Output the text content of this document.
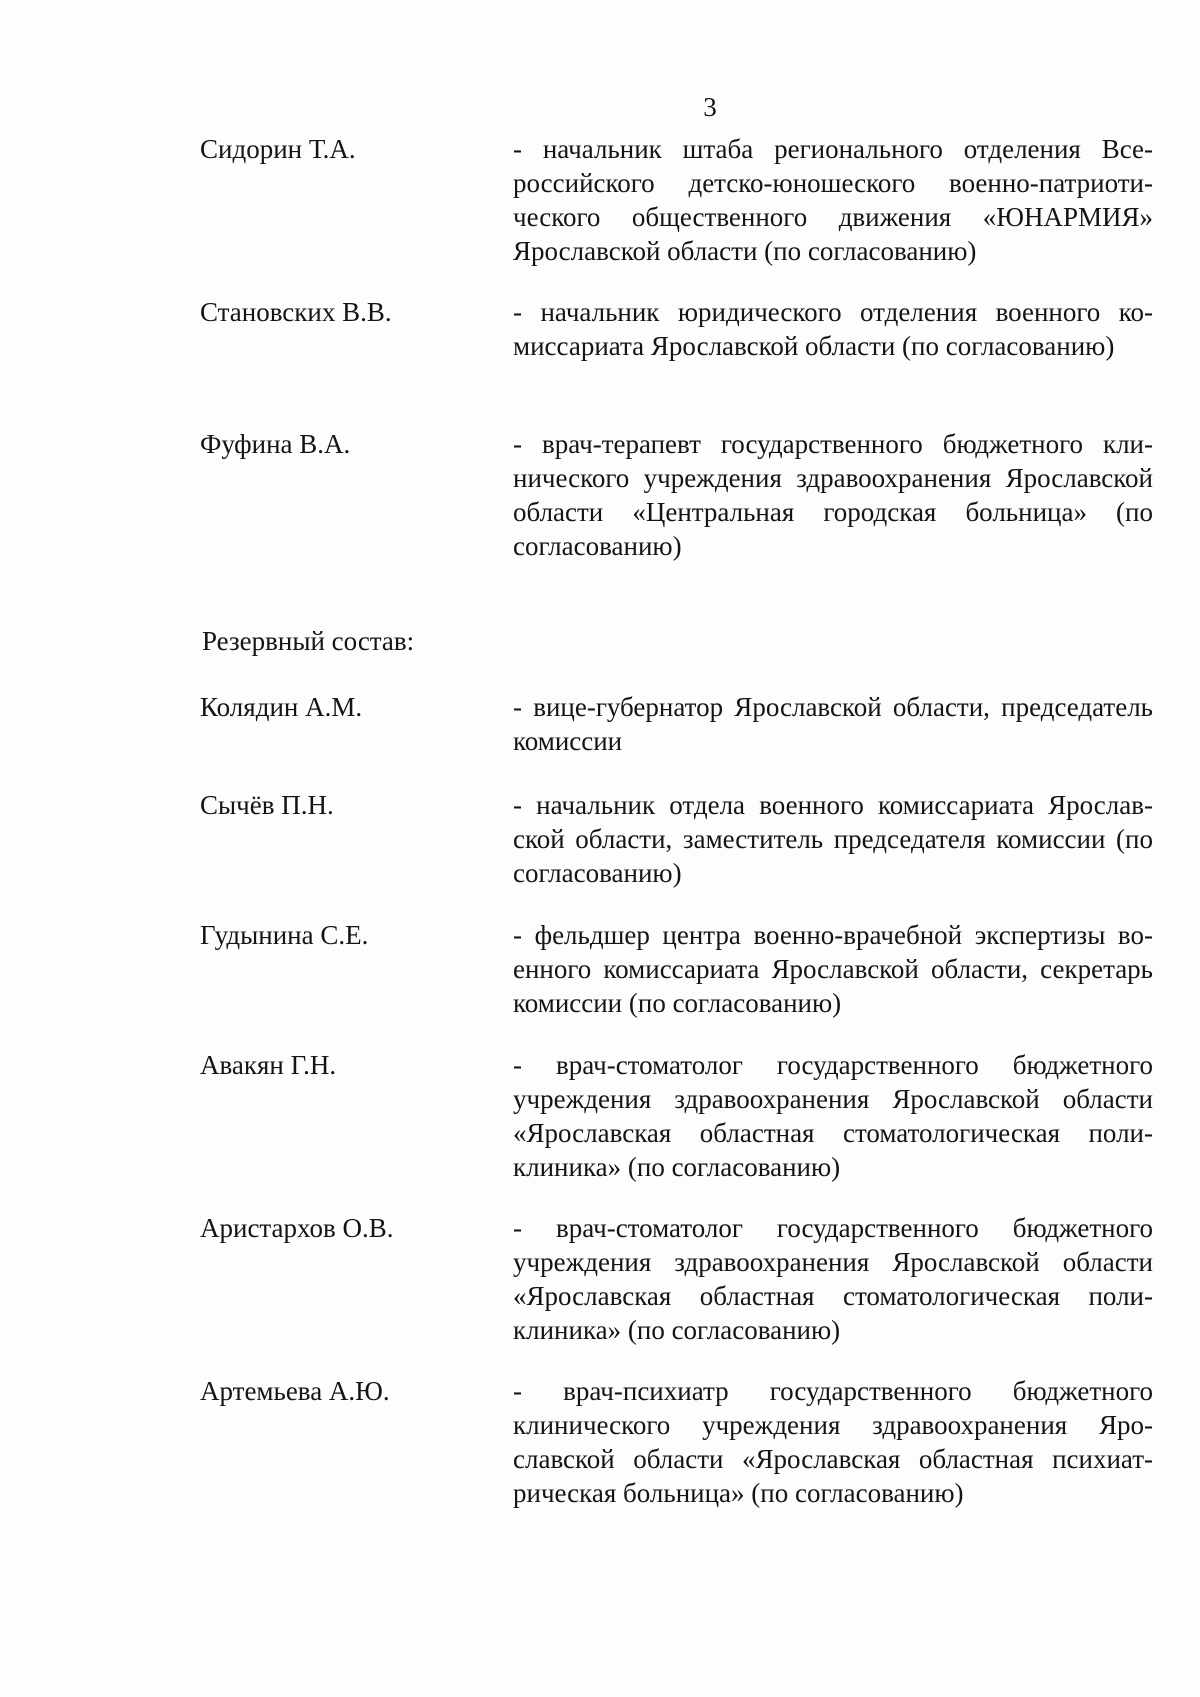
3
Сидорин Т.А.	- начальник штаба регионального отделения Всероссийского детско-юношеского военно-патриотического общественного движения «ЮНАРМИЯ» Ярославской области (по согласованию)
Становских В.В.	- начальник юридического отделения военного комиссариата Ярославской области (по согласованию)
Фуфина В.А.	- врач-терапевт государственного бюджетного клинического учреждения здравоохранения Ярославской области «Центральная городская больница» (по согласованию)
Резервный состав:
Колядин А.М.	- вице-губернатор Ярославской области, председатель комиссии
Сычёв П.Н.	- начальник отдела военного комиссариата Ярославской области, заместитель председателя комиссии (по согласованию)
Гудынина С.Е.	- фельдшер центра военно-врачебной экспертизы военного комиссариата Ярославской области, секретарь комиссии (по согласованию)
Авакян Г.Н.	- врач-стоматолог государственного бюджетного учреждения здравоохранения Ярославской области «Ярославская областная стоматологическая поликлиника» (по согласованию)
Аристархов О.В.	- врач-стоматолог государственного бюджетного учреждения здравоохранения Ярославской области «Ярославская областная стоматологическая поликлиника» (по согласованию)
Артемьева А.Ю.	- врач-психиатр государственного бюджетного клинического учреждения здравоохранения Ярославской области «Ярославская областная психиатрическая больница» (по согласованию)
